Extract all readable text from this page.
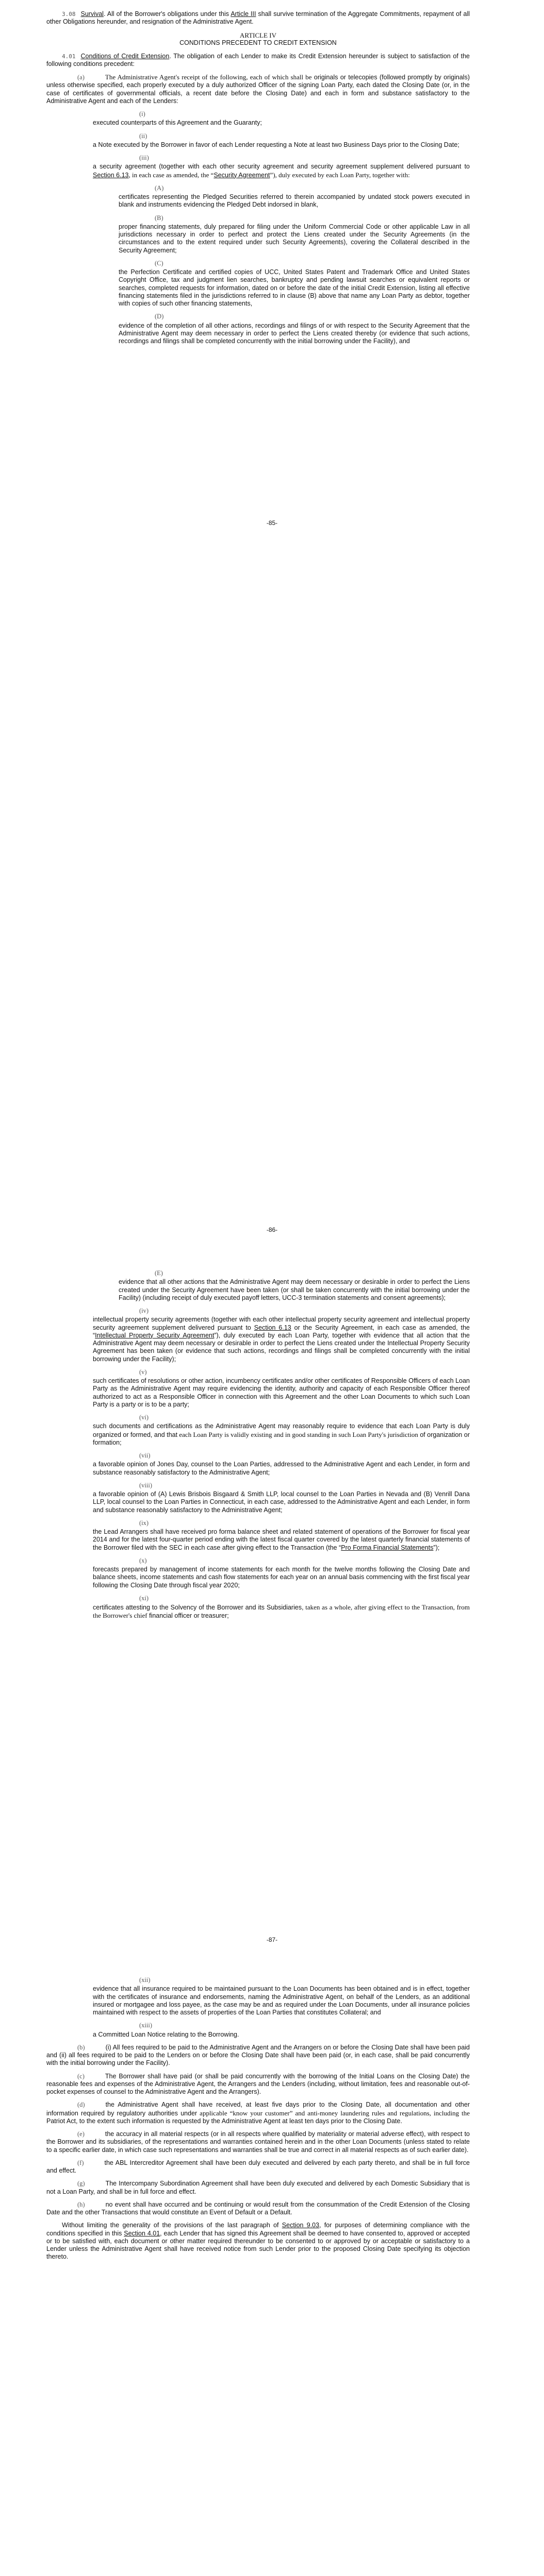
3.08 Survival. All of the Borrower's obligations under this Article III shall survive termination of the Aggregate Commitments, repayment of all other Obligations hereunder, and resignation of the Administrative Agent.

ARTICLE IV
CONDITIONS PRECEDENT TO CREDIT EXTENSION

4.01 Conditions of Credit Extension. The obligation of each Lender to make its Credit Extension hereunder is subject to satisfaction of the following conditions precedent:

(a)	The Administrative Agent's receipt of the following, each of which shall be originals or telecopies (followed promptly by originals) unless otherwise specified, each properly executed by a duly authorized Officer of the signing Loan Party, each dated the Closing Date (or, in the case of certificates of governmental officials, a recent date before the Closing Date) and each in form and substance satisfactory to the Administrative Agent and each of the Lenders:

(i)

executed counterparts of this Agreement and the Guaranty;

(ii)

a Note executed by the Borrower in favor of each Lender requesting a Note at least two Business Days prior to the Closing Date;

(iii)

a security agreement (together with each other security agreement and security agreement supplement delivered pursuant to Section 6.13, in each case as amended, the “Security Agreement”), duly executed by each Loan Party, together with:

(A)

certificates representing the Pledged Securities referred to therein accompanied by undated stock powers executed in blank and instruments evidencing the Pledged Debt indorsed in blank,

(B)

proper financing statements, duly prepared for filing under the Uniform Commercial Code or other applicable Law in all jurisdictions necessary in order to perfect and protect the Liens created under the Security Agreements (in the circumstances and to the extent required under such Security Agreements), covering the Collateral described in the Security Agreement;

(C)

the Perfection Certificate and certified copies of UCC, United States Patent and Trademark Office and United States Copyright Office, tax and judgment lien searches, bankruptcy and pending lawsuit searches or equivalent reports or searches, completed requests for information, dated on or before the date of the initial Credit Extension, listing all effective financing statements filed in the jurisdictions referred to in clause (B) above that name any Loan Party as debtor, together with copies of such other financing statements,

(D)

evidence of the completion of all other actions, recordings and filings of or with respect to the Security Agreement that the Administrative Agent may deem necessary in order to perfect the Liens created thereby (or evidence that such actions, recordings and filings shall be completed concurrently with the initial borrowing under the Facility), and

-85-
(E)

evidence that all other actions that the Administrative Agent may deem necessary or desirable in order to perfect the Liens created under the Security Agreement have been taken (or shall be taken concurrently with the initial borrowing under the Facility) (including receipt of duly executed payoff letters, UCC-3 termination statements and consent agreements);

(iv)

intellectual property security agreements (together with each other intellectual property security agreement and intellectual property security agreement supplement delivered pursuant to Section 6.13 or the Security Agreement, in each case as amended, the “Intellectual Property Security Agreement”), duly executed by each Loan Party, together with evidence that all action that the Administrative Agent may deem necessary or desirable in order to perfect the Liens created under the Intellectual Property Security Agreement has been taken (or evidence that such actions, recordings and filings shall be completed concurrently with the initial borrowing under the Facility);

(v)

such certificates of resolutions or other action, incumbency certificates and/or other certificates of Responsible Officers of each Loan Party as the Administrative Agent may require evidencing the identity, authority and capacity of each Responsible Officer thereof authorized to act as a Responsible Officer in connection with this Agreement and the other Loan Documents to which such Loan Party is a party or is to be a party;

(vi)

such documents and certifications as the Administrative Agent may reasonably require to evidence that each Loan Party is duly organized or formed, and that each Loan Party is validly existing and in good standing in such Loan Party's jurisdiction of organization or formation;

(vii)

a favorable opinion of Jones Day, counsel to the Loan Parties, addressed to the Administrative Agent and each Lender, in form and substance reasonably satisfactory to the Administrative Agent;

(viii)

a favorable opinion of (A) Lewis Brisbois Bisgaard & Smith LLP, local counsel to the Loan Parties in Nevada and (B) Venrill Dana LLP, local counsel to the Loan Parties in Connecticut, in each case, addressed to the Administrative Agent and each Lender, in form and substance reasonably satisfactory to the Administrative Agent;

(ix)

the Lead Arrangers shall have received pro forma balance sheet and related statement of operations of the Borrower for fiscal year 2014 and for the latest four-quarter period ending with the latest fiscal quarter covered by the latest quarterly financial statements of the Borrower filed with the SEC in each case after giving effect to the Transaction (the “Pro Forma Financial Statements”);

(x)

forecasts prepared by management of income statements for each month for the twelve months following the Closing Date and balance sheets, income statements and cash flow statements for each year on an annual basis commencing with the first fiscal year following the Closing Date through fiscal year 2020;

(xi)

certificates attesting to the Solvency of the Borrower and its Subsidiaries, taken as a whole, after giving effect to the Transaction, from the Borrower's chief financial officer or treasurer;

-86-
(xii)

evidence that all insurance required to be maintained pursuant to the Loan Documents has been obtained and is in effect, together with the certificates of insurance and endorsements, naming the Administrative Agent, on behalf of the Lenders, as an additional insured or mortgagee and loss payee, as the case may be and as required under the Loan Documents, under all insurance policies maintained with respect to the assets of properties of the Loan Parties that constitutes Collateral; and

(xiii)

a Committed Loan Notice relating to the Borrowing.

(b)	(i) All fees required to be paid to the Administrative Agent and the Arrangers on or before the Closing Date shall have been paid and (ii) all fees required to be paid to the Lenders on or before the Closing Date shall have been paid (or, in each case, shall be paid concurrently with the initial borrowing under the Facility).

(c)	The Borrower shall have paid (or shall be paid concurrently with the borrowing of the Initial Loans on the Closing Date) the reasonable fees and expenses of the Administrative Agent, the Arrangers and the Lenders (including, without limitation, fees and reasonable out-of-pocket expenses of counsel to the Administrative Agent and the Arrangers).

(d)	the Administrative Agent shall have received, at least five days prior to the Closing Date, all documentation and other information required by regulatory authorities under applicable “know your customer” and anti-money laundering rules and regulations, including the Patriot Act, to the extent such information is requested by the Administrative Agent at least ten days prior to the Closing Date.

(e)	the accuracy in all material respects (or in all respects where qualified by materiality or material adverse effect), with respect to the Borrower and its subsidiaries, of the representations and warranties contained herein and in the other Loan Documents (unless stated to relate to a specific earlier date, in which case such representations and warranties shall be true and correct in all material respects as of such earlier date).

(f)	the ABL Intercreditor Agreement shall have been duly executed and delivered by each party thereto, and shall be in full force and effect.

(g)	The Intercompany Subordination Agreement shall have been duly executed and delivered by each Domestic Subsidiary that is not a Loan Party, and shall be in full force and effect.

(h)	no event shall have occurred and be continuing or would result from the consummation of the Credit Extension of the Closing Date and the other Transactions that would constitute an Event of Default or a Default.

Without limiting the generality of the provisions of the last paragraph of Section 9.03, for purposes of determining compliance with the conditions specified in this Section 4.01, each Lender that has signed this Agreement shall be deemed to have consented to, approved or accepted or to be satisfied with, each document or other matter required thereunder to be consented to or approved by or acceptable or satisfactory to a Lender unless the Administrative Agent shall have received notice from such Lender prior to the proposed Closing Date specifying its objection thereto.

-87-
